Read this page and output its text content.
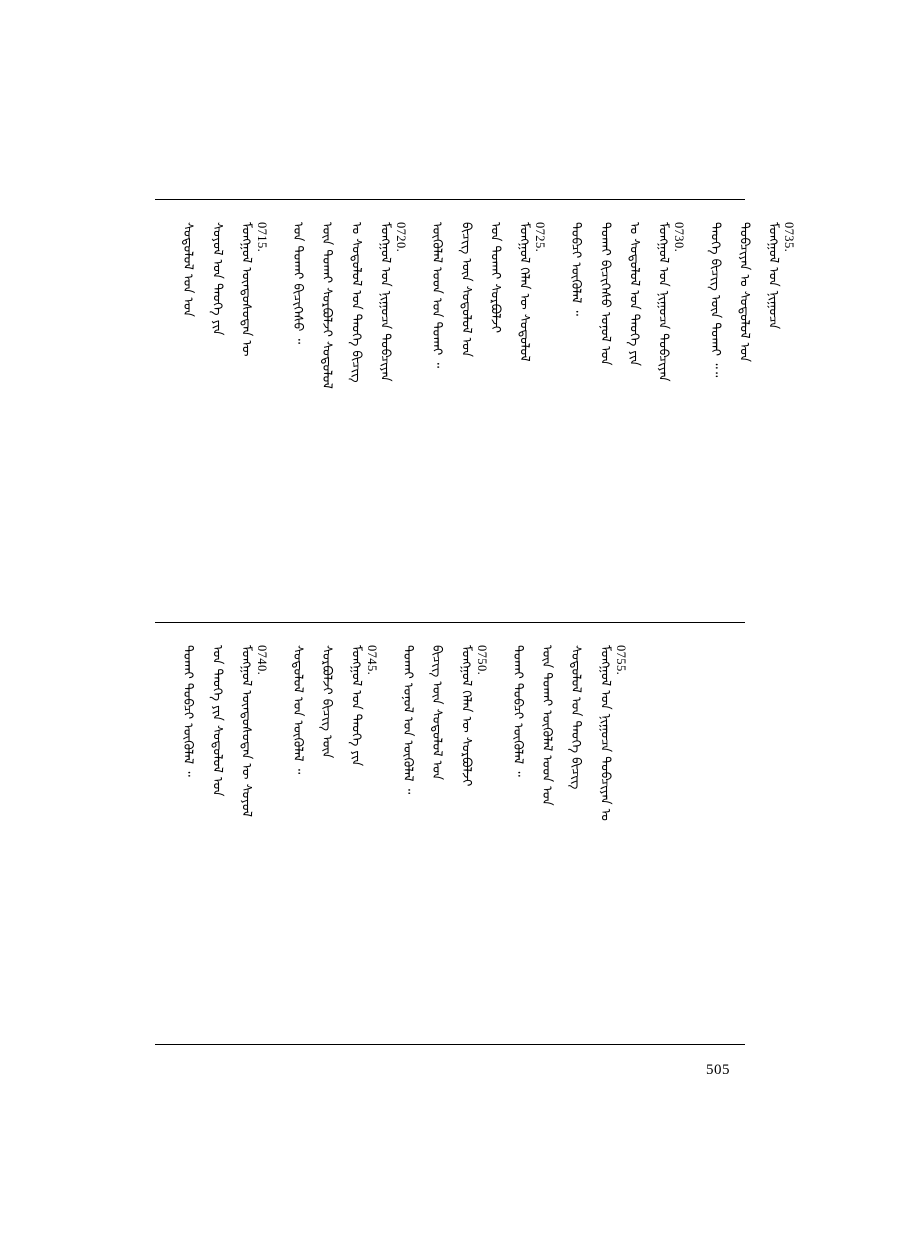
0735.
ᠮᠣᠩᠭᠣᠯ ᠤᠨ ᠨᠢᠭᠤᠴᠠ
ᠲᠣᠪᠴᠢᠶᠠᠨ ᠤ ᠰᠤᠳᠤᠯᠤᠯ ᠤᠨ
ᠲᠡᠦᠬᠡ ᠪᠢᠴᠢᠭ ᠦᠨ ᠲᠤᠬᠠᠢ ᠃᠃
0730.
ᠮᠣᠩᠭᠣᠯ ᠤᠨ ᠨᠢᠭᠤᠴᠠ ᠲᠣᠪᠴᠢᠶᠠᠨ
ᠤ ᠰᠤᠳᠤᠯᠤᠯ ᠤᠨ ᠲᠡᠦᠬᠡ ᠶᠢᠨ
ᠲᠤᠬᠠᠢ ᠪᠢᠴᠢᠭᠡᠰᠦ ᠤᠨᠤᠯ ᠤᠨ
ᠲᠣᠪᠴᠢ ᠦᠭᠦᠯᠡᠯ ᠃
0725.
ᠮᠣᠩᠭᠣᠯ ᠬᠡᠯᠡᠨ ᠦ ᠰᠤᠳᠤᠯᠤᠯ
ᠤᠨ ᠲᠤᠬᠠᠢ ᠰᠤᠷᠪᠤᠯᠵᠢ
ᠪᠢᠴᠢᠭ ᠦᠨ ᠰᠤᠳᠤᠯᠤᠯ ᠤᠨ
ᠦᠭᠦᠯᠡᠯ ᠤᠳ ᠤᠨ ᠲᠤᠬᠠᠢ ᠃
0720.
ᠮᠣᠩᠭᠣᠯ ᠤᠨ ᠨᠢᠭᠤᠴᠠ ᠲᠣᠪᠴᠢᠶᠠᠨ
ᠤ ᠰᠤᠳᠤᠯᠤᠯ ᠤᠨ ᠲᠡᠦᠬᠡ ᠪᠢᠴᠢᠭ
ᠦᠨ ᠲᠤᠬᠠᠢ ᠰᠤᠷᠪᠤᠯᠵᠢ ᠰᠤᠳᠤᠯᠤᠯ
ᠤᠨ ᠲᠤᠬᠠᠢ ᠪᠢᠴᠢᠭᠡᠰᠦ ᠃
0715.
ᠮᠣᠩᠭᠣᠯ ᠦᠨᠳᠦᠰᠦᠲᠡᠨ ᠦ
ᠰᠤᠶᠤᠯ ᠤᠨ ᠲᠡᠦᠬᠡ ᠶᠢᠨ
ᠰᠤᠳᠤᠯᠤᠯ ᠤᠨ ᠤᠨ
0755.
ᠮᠣᠩᠭᠣᠯ ᠤᠨ ᠨᠢᠭᠤᠴᠠ ᠲᠣᠪᠴᠢᠶᠠᠨ ᠤ
ᠰᠤᠳᠤᠯᠤᠯ ᠤᠨ ᠲᠡᠦᠬᠡ ᠪᠢᠴᠢᠭ
ᠦᠨ ᠲᠤᠬᠠᠢ ᠦᠭᠦᠯᠡᠯ ᠤᠳ ᠤᠨ
ᠲᠤᠬᠠᠢ ᠲᠣᠪᠴᠢ ᠦᠭᠦᠯᠡᠯ ᠃
0750.
ᠮᠣᠩᠭᠣᠯ ᠬᠡᠯᠡᠨ ᠦ ᠰᠤᠷᠪᠤᠯᠵᠢ
ᠪᠢᠴᠢᠭ ᠦᠨ ᠰᠤᠳᠤᠯᠤᠯ ᠤᠨ
ᠲᠤᠬᠠᠢ ᠤᠨᠤᠯ ᠤᠨ ᠦᠭᠦᠯᠡᠯ ᠃
0745.
ᠮᠣᠩᠭᠣᠯ ᠤᠨ ᠲᠡᠦᠬᠡ ᠶᠢᠨ
ᠰᠤᠷᠪᠤᠯᠵᠢ ᠪᠢᠴᠢᠭ ᠦᠨ
ᠰᠤᠳᠤᠯᠤᠯ ᠤᠨ ᠦᠭᠦᠯᠡᠯ ᠃
0740.
ᠮᠣᠩᠭᠣᠯ ᠦᠨᠳᠦᠰᠦᠲᠡᠨ ᠦ ᠰᠤᠶᠤᠯ
ᠤᠨ ᠲᠡᠦᠬᠡ ᠶᠢᠨ ᠰᠤᠳᠤᠯᠤᠯ ᠤᠨ
ᠲᠤᠬᠠᠢ ᠲᠣᠪᠴᠢ ᠦᠭᠦᠯᠡᠯ ᠃
505
